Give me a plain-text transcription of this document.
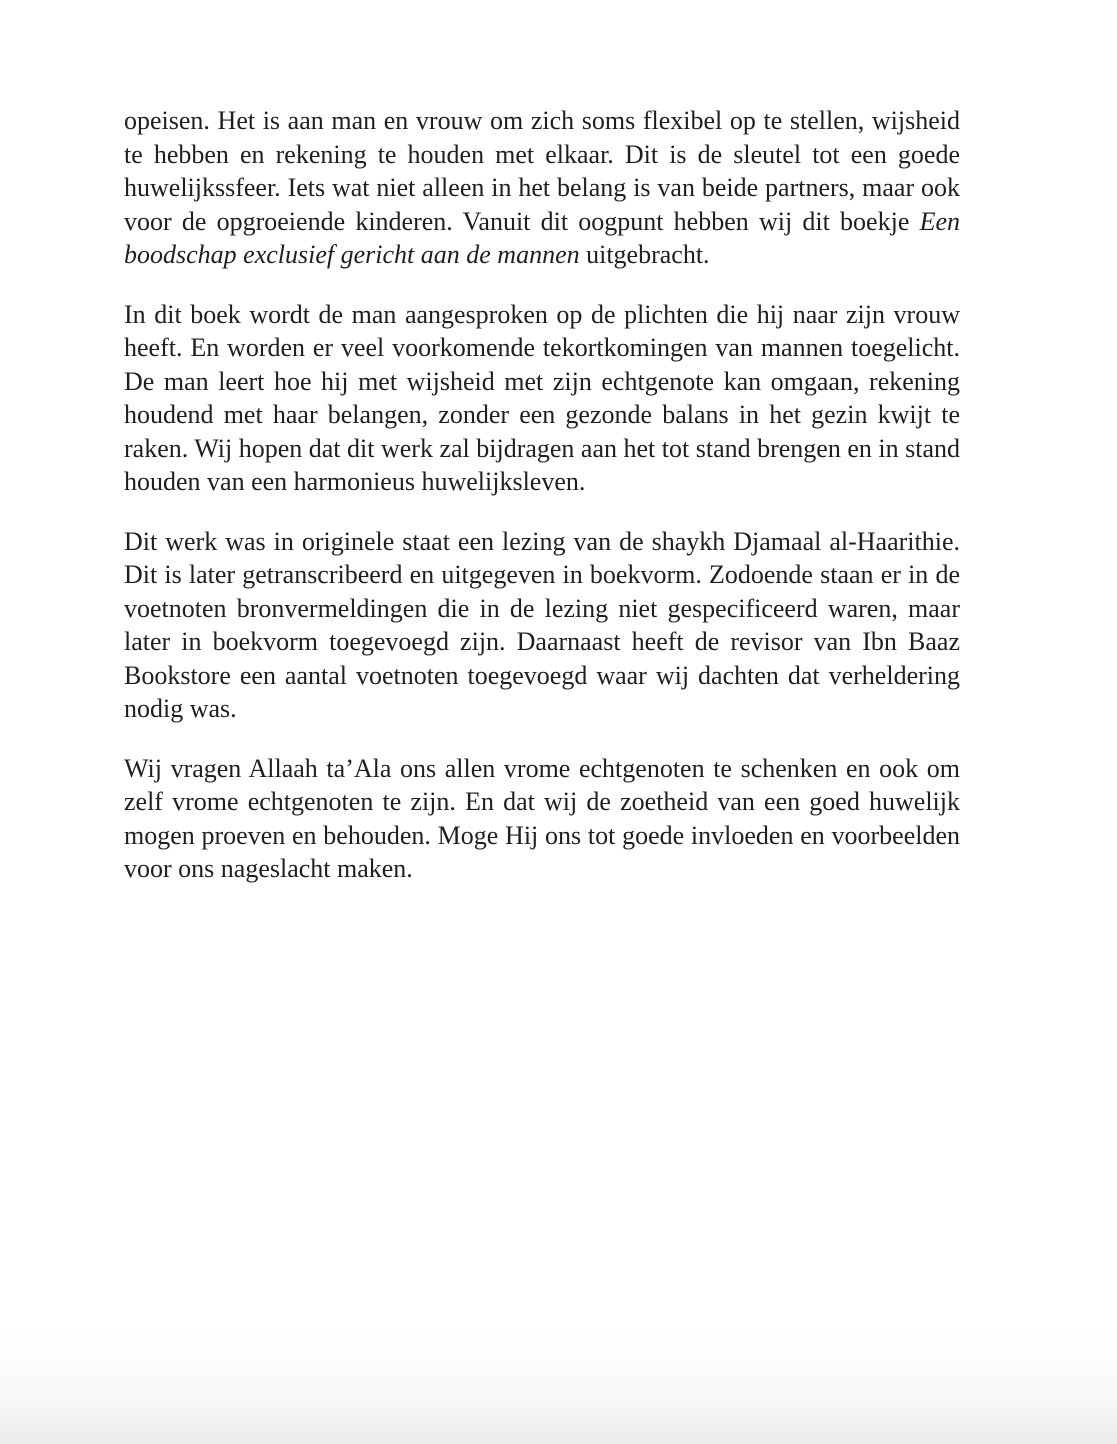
opeisen. Het is aan man en vrouw om zich soms flexibel op te stellen, wijsheid te hebben en rekening te houden met elkaar. Dit is de sleutel tot een goede huwelijkssfeer. Iets wat niet alleen in het belang is van beide partners, maar ook voor de opgroeiende kinderen. Vanuit dit oogpunt hebben wij dit boekje Een boodschap exclusief gericht aan de mannen uitgebracht.

In dit boek wordt de man aangesproken op de plichten die hij naar zijn vrouw heeft. En worden er veel voorkomende tekortkomingen van mannen toegelicht. De man leert hoe hij met wijsheid met zijn echtgenote kan omgaan, rekening houdend met haar belangen, zonder een gezonde balans in het gezin kwijt te raken. Wij hopen dat dit werk zal bijdragen aan het tot stand brengen en in stand houden van een harmonieus huwelijksleven.

Dit werk was in originele staat een lezing van de shaykh Djamaal al-Haarithie. Dit is later getranscribeerd en uitgegeven in boekvorm. Zodoende staan er in de voetnoten bronvermeldingen die in de lezing niet gespecificeerd waren, maar later in boekvorm toegevoegd zijn. Daarnaast heeft de revisor van Ibn Baaz Bookstore een aantal voetnoten toegevoegd waar wij dachten dat verheldering nodig was.

Wij vragen Allaah ta’Ala ons allen vrome echtgenoten te schenken en ook om zelf vrome echtgenoten te zijn. En dat wij de zoetheid van een goed huwelijk mogen proeven en behouden. Moge Hij ons tot goede invloeden en voorbeelden voor ons nageslacht maken.
